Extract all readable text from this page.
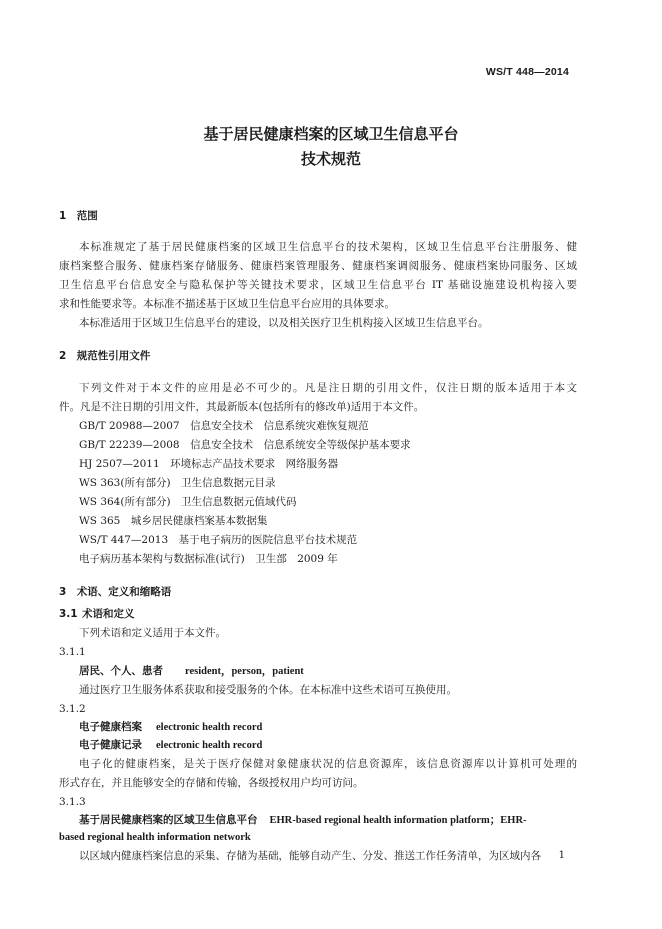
WS/T 448—2014
基于居民健康档案的区域卫生信息平台
技术规范
1　范围
本标准规定了基于居民健康档案的区域卫生信息平台的技术架构，区域卫生信息平台注册服务、健
康档案整合服务、健康档案存储服务、健康档案管理服务、健康档案调阅服务、健康档案协同服务、区域
卫生信息平台信息安全与隐私保护等关键技术要求，区域卫生信息平台 IT 基础设施建设机构接入要
求和性能要求等。本标准不描述基于区域卫生信息平台应用的具体要求。
本标准适用于区域卫生信息平台的建设，以及相关医疗卫生机构接入区域卫生信息平台。
2　规范性引用文件
下列文件对于本文件的应用是必不可少的。凡是注日期的引用文件，仅注日期的版本适用于本文
件。凡是不注日期的引用文件，其最新版本(包括所有的修改单)适用于本文件。
GB/T 20988—2007　信息安全技术　信息系统灾难恢复规范
GB/T 22239—2008　信息安全技术　信息系统安全等级保护基本要求
HJ 2507—2011　环境标志产品技术要求　网络服务器
WS 363(所有部分)　卫生信息数据元目录
WS 364(所有部分)　卫生信息数据元值域代码
WS 365　城乡居民健康档案基本数据集
WS/T 447—2013　基于电子病历的医院信息平台技术规范
电子病历基本架构与数据标准(试行)　卫生部　2009 年
3　术语、定义和缩略语
3.1 术语和定义
下列术语和定义适用于本文件。
3.1.1
居民、个人、患者 resident，person，patient
通过医疗卫生服务体系获取和接受服务的个体。在本标准中这些术语可互换使用。
3.1.2
电子健康档案 electronic health record
电子健康记录 electronic health record
电子化的健康档案，是关于医疗保健对象健康状况的信息资源库，该信息资源库以计算机可处理的
形式存在，并且能够安全的存储和传输，各级授权用户均可访问。
3.1.3
基于居民健康档案的区域卫生信息平台 EHR-based regional health information platform；EHR-
based regional health information network
以区域内健康档案信息的采集、存储为基础，能够自动产生、分发、推送工作任务清单，为区域内各 1
